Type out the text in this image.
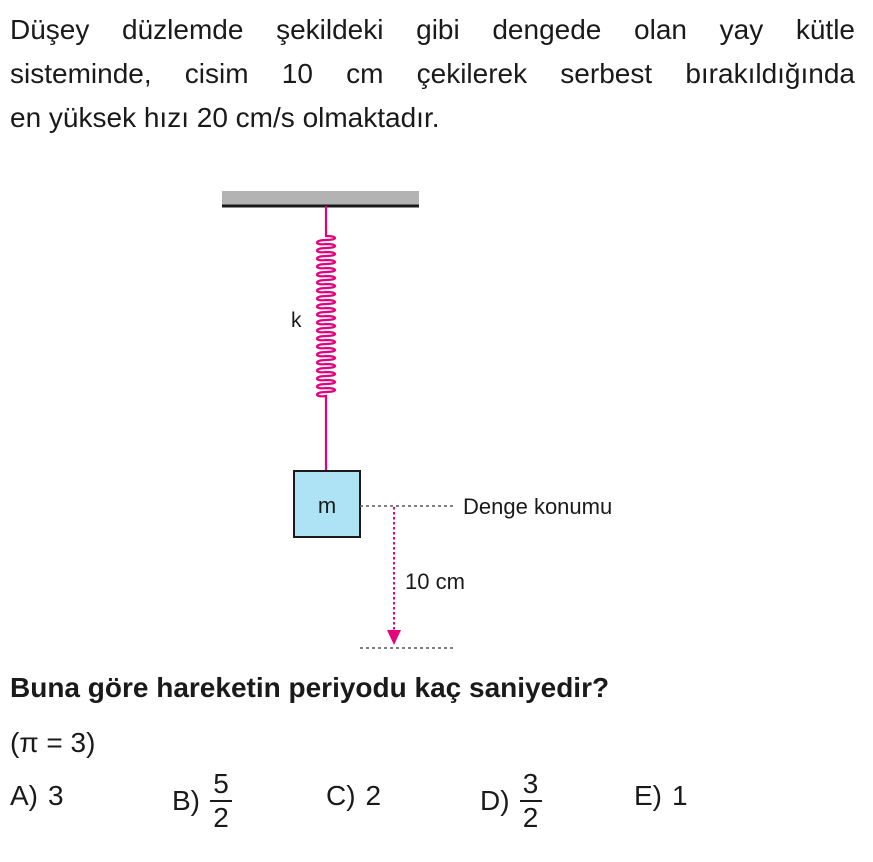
Düşey düzlemde şekildeki gibi dengede olan yay kütle
sisteminde, cisim 10 cm çekilerek serbest bırakıldığında
en yüksek hızı 20 cm/s olmaktadır.

k
m	Denge konumu
10 cm

Buna göre hareketin periyodu kaç saniyedir?

(π = 3)

A) 3	$B) \frac{5}{2}$	C) 2	$D) \frac{3}{2}$	E) 1
